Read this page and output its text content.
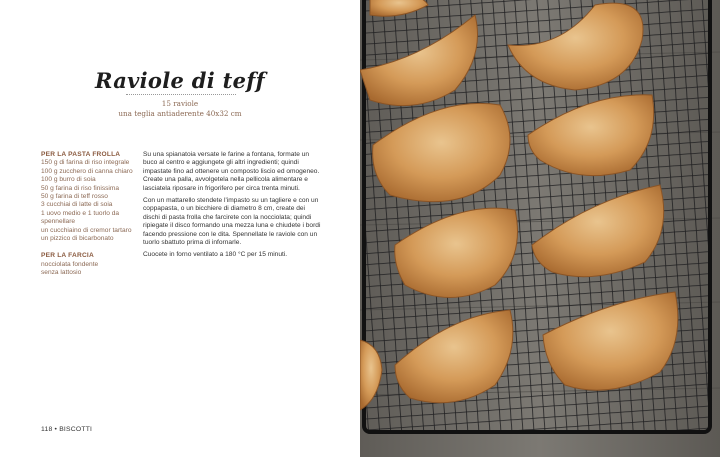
Raviole di teff
15 raviole
una teglia antiaderente 40x32 cm
PER LA PASTA FROLLA
150 g di farina di riso integrale
100 g zucchero di canna chiaro
100 g burro di soia
50 g farina di riso finissima
50 g farina di teff rosso
3 cucchiai di latte di soia
1 uovo medio e 1 tuorlo da spennellare
un cucchiaino di cremor tartaro
un pizzico di bicarbonato
PER LA FARCIA
nocciolata fondente
senza lattosio

Su una spianatoia versate le farine a fontana, formate un buco al centro e aggiungete gli altri ingredienti; quindi impastate fino ad ottenere un composto liscio ed omogeneo. Create una palla, avvolgetela nella pellicola alimentare e lasciatela riposare in frigorifero per circa trenta minuti.

Con un mattarello stendete l'impasto su un tagliere e con un coppapasta, o un bicchiere di diametro 8 cm, create dei dischi di pasta frolla che farcirete con la nocciolata; quindi ripiegate il disco formando una mezza luna e chiudete i bordi facendo pressione con le dita. Spennellate le raviole con un tuorlo sbattuto prima di infornarle.

Cuocete in forno ventilato a 180 °C per 15 minuti.

118 • BISCOTTI
